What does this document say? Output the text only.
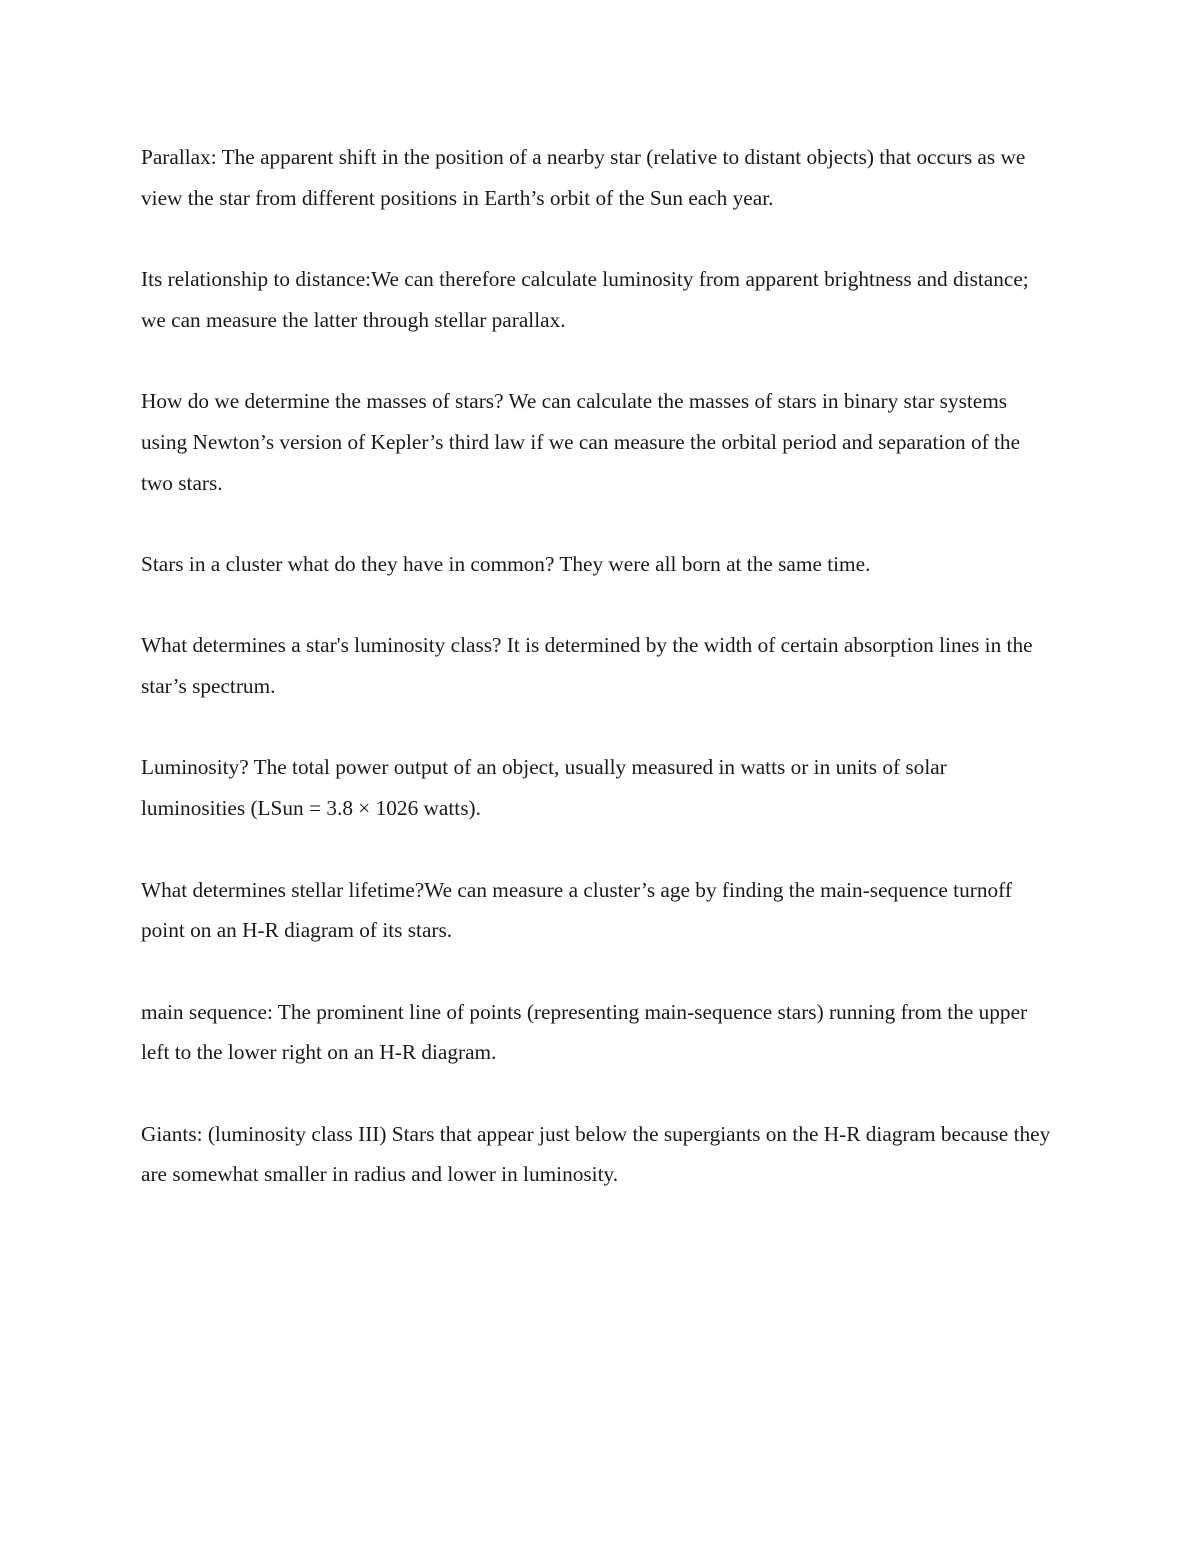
Parallax: The apparent shift in the position of a nearby star (relative to distant objects) that occurs as we view the star from different positions in Earth’s orbit of the Sun each year.

Its relationship to distance:We can therefore calculate luminosity from apparent brightness and distance; we can measure the latter through stellar parallax.

How do we determine the masses of stars? We can calculate the masses of stars in binary star systems using Newton’s version of Kepler’s third law if we can measure the orbital period and separation of the two stars.

Stars in a cluster what do they have in common? They were all born at the same time.

What determines a star's luminosity class? It is determined by the width of certain absorption lines in the star’s spectrum.

Luminosity? The total power output of an object, usually measured in watts or in units of solar luminosities (LSun = 3.8 × 1026 watts).

What determines stellar lifetime?We can measure a cluster’s age by finding the main-sequence turnoff point on an H-R diagram of its stars.

main sequence: The prominent line of points (representing main-sequence stars) running from the upper left to the lower right on an H-R diagram.

Giants: (luminosity class III) Stars that appear just below the supergiants on the H-R diagram because they are somewhat smaller in radius and lower in luminosity.
